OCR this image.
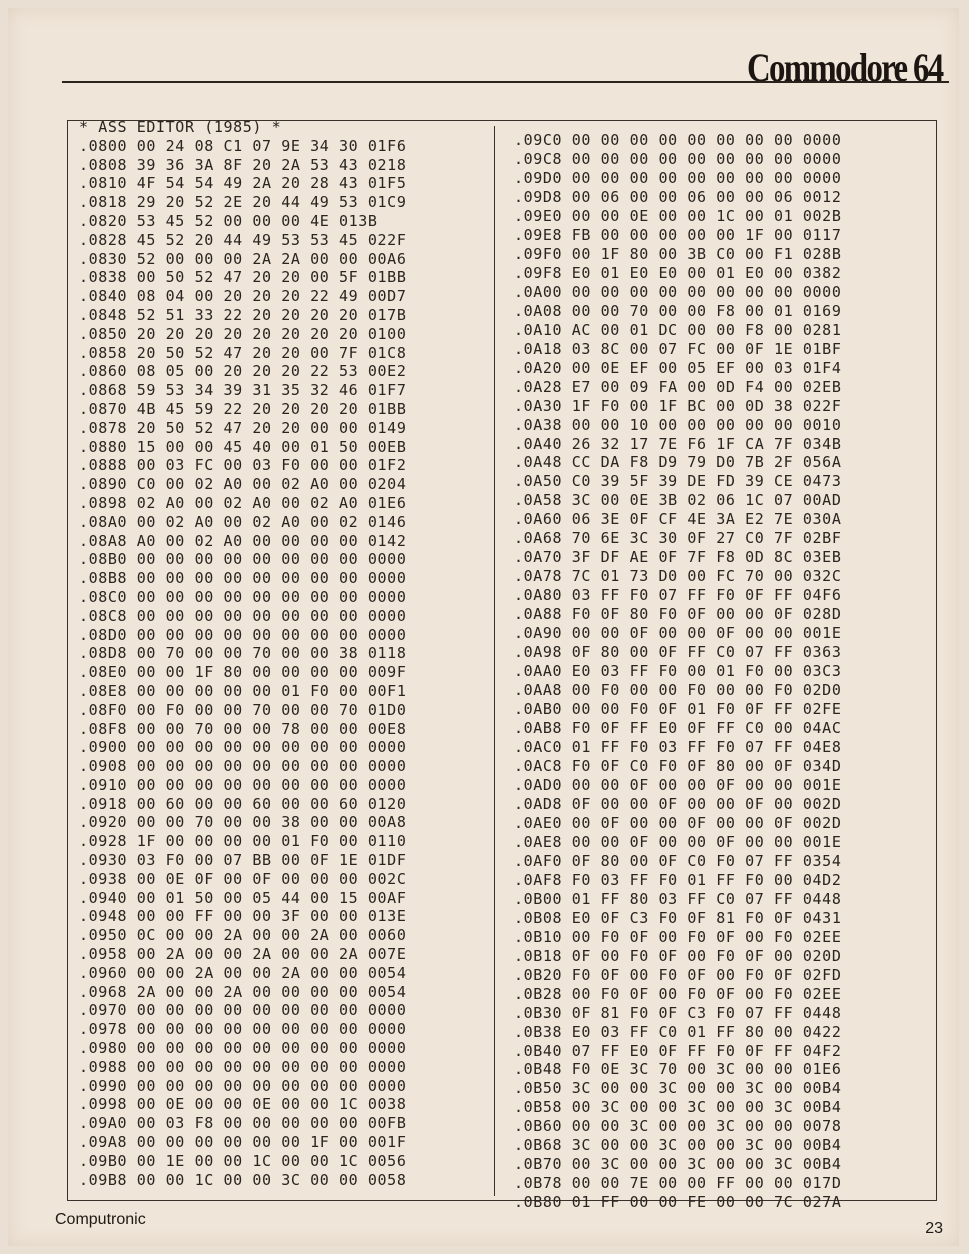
Commodore 64
* ASS EDITOR (1985) *
.0800 00 24 08 C1 07 9E 34 30 01F6
.0808 39 36 3A 8F 20 2A 53 43 0218
.0810 4F 54 54 49 2A 20 28 43 01F5
.0818 29 20 52 2E 20 44 49 53 01C9
.0820 53 45 52 00 00 00 4E 013B
.0828 45 52 20 44 49 53 53 45 022F
.0830 52 00 00 00 2A 2A 00 00 00A6
.0838 00 50 52 47 20 20 00 5F 01BB
.0840 08 04 00 20 20 20 22 49 00D7
.0848 52 51 33 22 20 20 20 20 017B
.0850 20 20 20 20 20 20 20 20 0100
.0858 20 50 52 47 20 20 00 7F 01C8
.0860 08 05 00 20 20 20 22 53 00E2
.0868 59 53 34 39 31 35 32 46 01F7
.0870 4B 45 59 22 20 20 20 20 01BB
.0878 20 50 52 47 20 20 00 00 0149
.0880 15 00 00 45 40 00 01 50 00EB
.0888 00 03 FC 00 03 F0 00 00 01F2
.0890 C0 00 02 A0 00 02 A0 00 0204
.0898 02 A0 00 02 A0 00 02 A0 01E6
.08A0 00 02 A0 00 02 A0 00 02 0146
.08A8 A0 00 02 A0 00 00 00 00 0142
.08B0 00 00 00 00 00 00 00 00 0000
.08B8 00 00 00 00 00 00 00 00 0000
.08C0 00 00 00 00 00 00 00 00 0000
.08C8 00 00 00 00 00 00 00 00 0000
.08D0 00 00 00 00 00 00 00 00 0000
.08D8 00 70 00 00 70 00 00 38 0118
.08E0 00 00 1F 80 00 00 00 00 009F
.08E8 00 00 00 00 00 01 F0 00 00F1
.08F0 00 F0 00 00 70 00 00 70 01D0
.08F8 00 00 70 00 00 78 00 00 00E8
.0900 00 00 00 00 00 00 00 00 0000
.0908 00 00 00 00 00 00 00 00 0000
.0910 00 00 00 00 00 00 00 00 0000
.0918 00 60 00 00 60 00 00 60 0120
.0920 00 00 70 00 00 38 00 00 00A8
.0928 1F 00 00 00 00 01 F0 00 0110
.0930 03 F0 00 07 BB 00 0F 1E 01DF
.0938 00 0E 0F 00 0F 00 00 00 002C
.0940 00 01 50 00 05 44 00 15 00AF
.0948 00 00 FF 00 00 3F 00 00 013E
.0950 0C 00 00 2A 00 00 2A 00 0060
.0958 00 2A 00 00 2A 00 00 2A 007E
.0960 00 00 2A 00 00 2A 00 00 0054
.0968 2A 00 00 2A 00 00 00 00 0054
.0970 00 00 00 00 00 00 00 00 0000
.0978 00 00 00 00 00 00 00 00 0000
.0980 00 00 00 00 00 00 00 00 0000
.0988 00 00 00 00 00 00 00 00 0000
.0990 00 00 00 00 00 00 00 00 0000
.0998 00 0E 00 00 0E 00 00 1C 0038
.09A0 00 03 F8 00 00 00 00 00 00FB
.09A8 00 00 00 00 00 00 1F 00 001F
.09B0 00 1E 00 00 1C 00 00 1C 0056
.09B8 00 00 1C 00 00 3C 00 00 0058
.09C0 00 00 00 00 00 00 00 00 0000
.09C8 00 00 00 00 00 00 00 00 0000
.09D0 00 00 00 00 00 00 00 00 0000
.09D8 00 06 00 00 06 00 00 06 0012
.09E0 00 00 0E 00 00 1C 00 01 002B
.09E8 FB 00 00 00 00 00 1F 00 0117
.09F0 00 1F 80 00 3B C0 00 F1 028B
.09F8 E0 01 E0 E0 00 01 E0 00 0382
.0A00 00 00 00 00 00 00 00 00 0000
.0A08 00 00 70 00 00 F8 00 01 0169
.0A10 AC 00 01 DC 00 00 F8 00 0281
.0A18 03 8C 00 07 FC 00 0F 1E 01BF
.0A20 00 0E EF 00 05 EF 00 03 01F4
.0A28 E7 00 09 FA 00 0D F4 00 02EB
.0A30 1F F0 00 1F BC 00 0D 38 022F
.0A38 00 00 10 00 00 00 00 00 0010
.0A40 26 32 17 7E F6 1F CA 7F 034B
.0A48 CC DA F8 D9 79 D0 7B 2F 056A
.0A50 C0 39 5F 39 DE FD 39 CE 0473
.0A58 3C 00 0E 3B 02 06 1C 07 00AD
.0A60 06 3E 0F CF 4E 3A E2 7E 030A
.0A68 70 6E 3C 30 0F 27 C0 7F 02BF
.0A70 3F DF AE 0F 7F F8 0D 8C 03EB
.0A78 7C 01 73 D0 00 FC 70 00 032C
.0A80 03 FF F0 07 FF F0 0F FF 04F6
.0A88 F0 0F 80 F0 0F 00 00 0F 028D
.0A90 00 00 0F 00 00 0F 00 00 001E
.0A98 0F 80 00 0F FF C0 07 FF 0363
.0AA0 E0 03 FF F0 00 01 F0 00 03C3
.0AA8 00 F0 00 00 F0 00 00 F0 02D0
.0AB0 00 00 F0 0F 01 F0 0F FF 02FE
.0AB8 F0 0F FF E0 0F FF C0 00 04AC
.0AC0 01 FF F0 03 FF F0 07 FF 04E8
.0AC8 F0 0F C0 F0 0F 80 00 0F 034D
.0AD0 00 00 0F 00 00 0F 00 00 001E
.0AD8 0F 00 00 0F 00 00 0F 00 002D
.0AE0 00 0F 00 00 0F 00 00 0F 002D
.0AE8 00 00 0F 00 00 0F 00 00 001E
.0AF0 0F 80 00 0F C0 F0 07 FF 0354
.0AF8 F0 03 FF F0 01 FF F0 00 04D2
.0B00 01 FF 80 03 FF C0 07 FF 0448
.0B08 E0 0F C3 F0 0F 81 F0 0F 0431
.0B10 00 F0 0F 00 F0 0F 00 F0 02EE
.0B18 0F 00 F0 0F 00 F0 0F 00 020D
.0B20 F0 0F 00 F0 0F 00 F0 0F 02FD
.0B28 00 F0 0F 00 F0 0F 00 F0 02EE
.0B30 0F 81 F0 0F C3 F0 07 FF 0448
.0B38 E0 03 FF C0 01 FF 80 00 0422
.0B40 07 FF E0 0F FF F0 0F FF 04F2
.0B48 F0 0E 3C 70 00 3C 00 00 01E6
.0B50 3C 00 00 3C 00 00 3C 00 00B4
.0B58 00 3C 00 00 3C 00 00 3C 00B4
.0B60 00 00 3C 00 00 3C 00 00 0078
.0B68 3C 00 00 3C 00 00 3C 00 00B4
.0B70 00 3C 00 00 3C 00 00 3C 00B4
.0B78 00 00 7E 00 00 FF 00 00 017D
.0B80 01 FF 00 00 FE 00 00 7C 027A
Computronic
23
